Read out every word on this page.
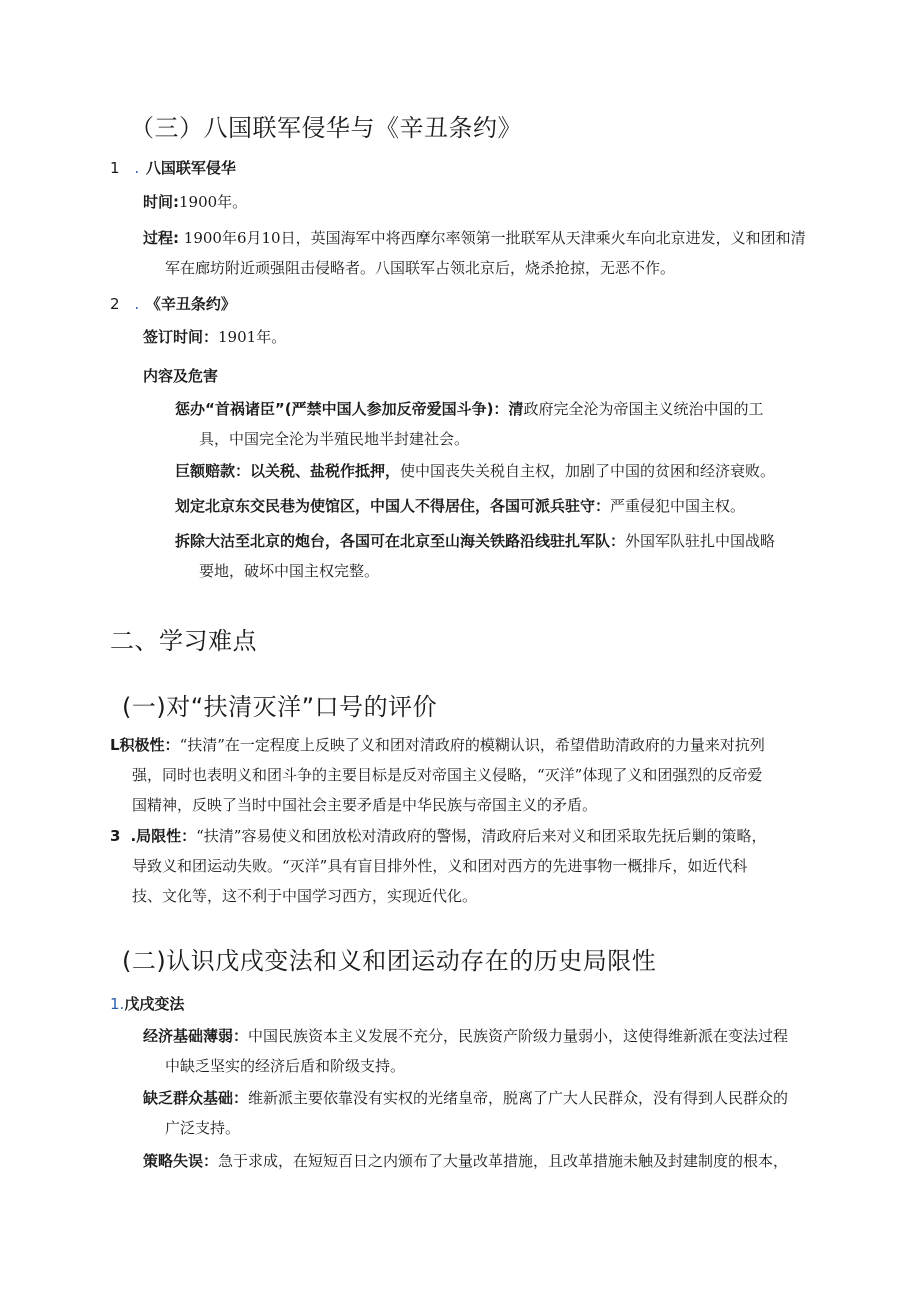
（三）八国联军侵华与《辛丑条约》
1 . 八国联军侵华
时间:1900年。
过程: 1900年6月10日，英国海军中将西摩尔率领第一批联军从天津乘火车向北京进发，义和团和清
军在廊坊附近顽强阻击侵略者。八国联军占领北京后，烧杀抢掠，无恶不作。
2 . 《辛丑条约》
签订时间：1901年。
内容及危害
惩办“首祸诸臣”(严禁中国人参加反帝爱国斗争)：清政府完全沦为帝国主义统治中国的工
具，中国完全沦为半殖民地半封建社会。
巨额赔款：以关税、盐税作抵押，使中国丧失关税自主权，加剧了中国的贫困和经济衰败。
划定北京东交民巷为使馆区，中国人不得居住，各国可派兵驻守：严重侵犯中国主权。
拆除大沽至北京的炮台，各国可在北京至山海关铁路沿线驻扎军队：外国军队驻扎中国战略
要地，破坏中国主权完整。
二、学习难点
(一)对“扶清灭洋”口号的评价
L积极性：“扶清”在一定程度上反映了义和团对清政府的模糊认识，希望借助清政府的力量来对抗列
强，同时也表明义和团斗争的主要目标是反对帝国主义侵略，“灭洋”体现了义和团强烈的反帝爱
国精神，反映了当时中国社会主要矛盾是中华民族与帝国主义的矛盾。
3 .局限性：“扶清”容易使义和团放松对清政府的警惕，清政府后来对义和团采取先抚后剿的策略，
导致义和团运动失败。“灭洋”具有盲目排外性，义和团对西方的先进事物一概排斥，如近代科
技、文化等，这不利于中国学习西方，实现近代化。
(二)认识戊戌变法和义和团运动存在的历史局限性
1.戊戌变法
经济基础薄弱：中国民族资本主义发展不充分，民族资产阶级力量弱小，这使得维新派在变法过程
中缺乏坚实的经济后盾和阶级支持。
缺乏群众基础：维新派主要依靠没有实权的光绪皇帝，脱离了广大人民群众，没有得到人民群众的
广泛支持。
策略失误：急于求成，在短短百日之内颁布了大量改革措施，且改革措施未触及封建制度的根本，
